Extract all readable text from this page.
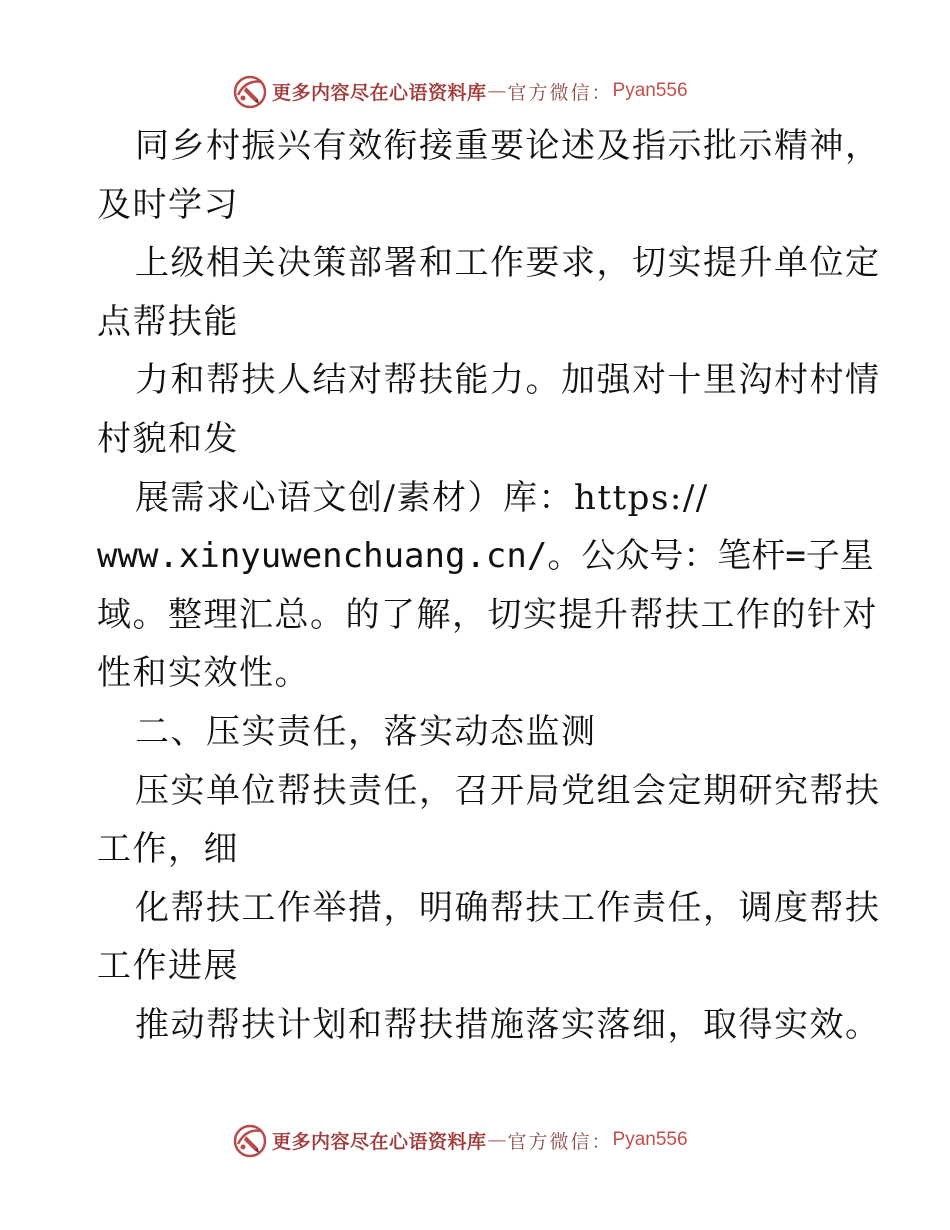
更多内容尽在心语资料库 — 官方微信： Pyan556
同乡村振兴有效衔接重要论述及指示批示精神，
及时学习
上级相关决策部署和工作要求，切实提升单位定
点帮扶能
力和帮扶人结对帮扶能力。加强对十里沟村村情
村貌和发
展需求心语文创/素材）库：https://
www.xinyuwenchuang.cn/。公众号：笔杆=子星
域。整理汇总。的了解，切实提升帮扶工作的针对
性和实效性。
二、压实责任，落实动态监测
压实单位帮扶责任，召开局党组会定期研究帮扶
工作，细
化帮扶工作举措，明确帮扶工作责任，调度帮扶
工作进展
推动帮扶计划和帮扶措施落实落细，取得实效。
更多内容尽在心语资料库 — 官方微信： Pyan556
